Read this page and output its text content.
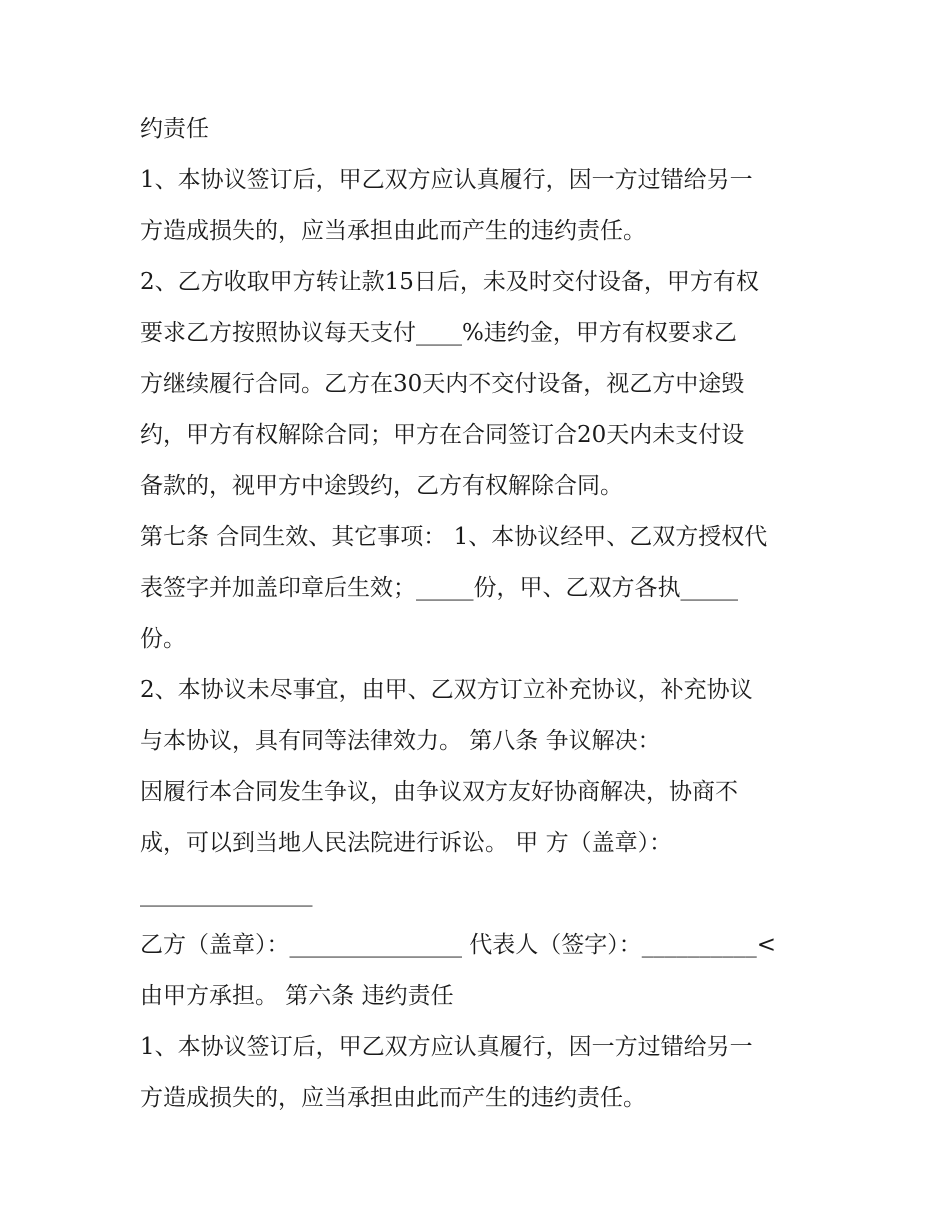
约责任
1、本协议签订后，甲乙双方应认真履行，因一方过错给另一
方造成损失的，应当承担由此而产生的违约责任。
2、乙方收取甲方转让款15日后，未及时交付设备，甲方有权
要求乙方按照协议每天支付____%违约金，甲方有权要求乙
方继续履行合同。乙方在30天内不交付设备，视乙方中途毁
约，甲方有权解除合同；甲方在合同签订合20天内未支付设
备款的，视甲方中途毁约，乙方有权解除合同。
第七条 合同生效、其它事项： 1、本协议经甲、乙双方授权代
表签字并加盖印章后生效；_____份，甲、乙双方各执_____
份。
2、本协议未尽事宜，由甲、乙双方订立补充协议，补充协议
与本协议，具有同等法律效力。 第八条 争议解决：
因履行本合同发生争议，由争议双方友好协商解决，协商不
成，可以到当地人民法院进行诉讼。 甲 方（盖章）：
_______________
乙方（盖章）：_______________ 代表人（签字）：__________<
由甲方承担。 第六条 违约责任
1、本协议签订后，甲乙双方应认真履行，因一方过错给另一
方造成损失的，应当承担由此而产生的违约责任。
